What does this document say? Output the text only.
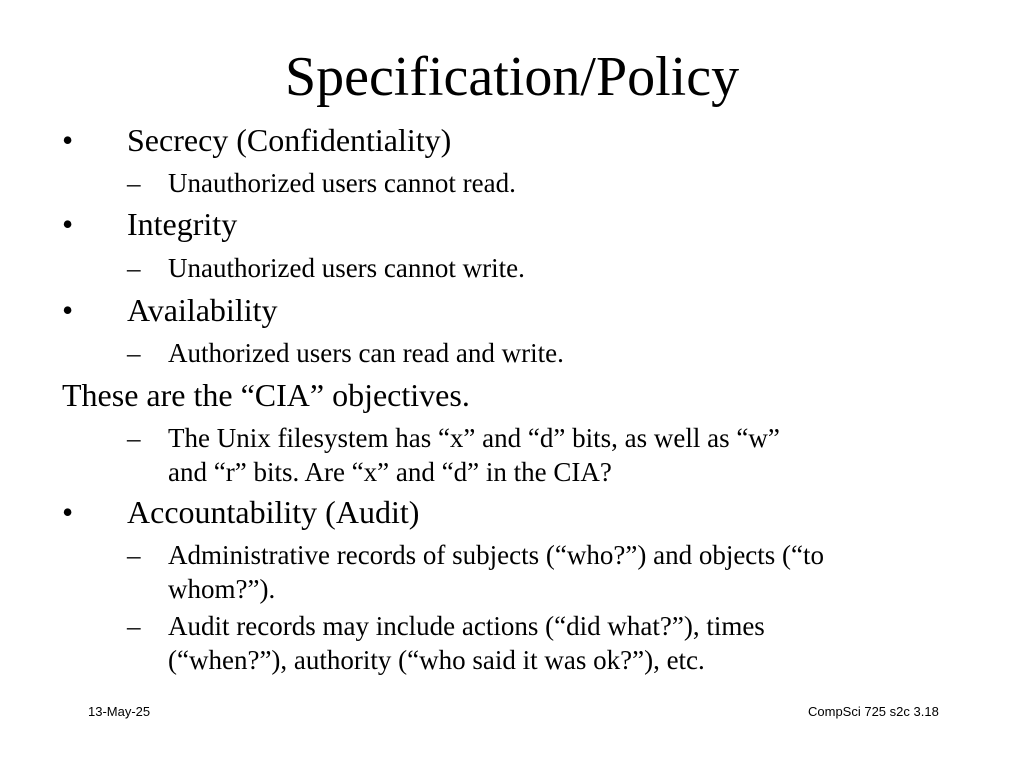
Specification/Policy
• Secrecy (Confidentiality)
– Unauthorized users cannot read.
• Integrity
– Unauthorized users cannot write.
• Availability
– Authorized users can read and write.
These are the “CIA” objectives.
– The Unix filesystem has “x” and “d” bits, as well as “w”
and “r” bits. Are “x” and “d” in the CIA?
• Accountability (Audit)
– Administrative records of subjects (“who?”) and objects (“to
whom?”).
– Audit records may include actions (“did what?”), times
(“when?”), authority (“who said it was ok?”), etc.
13-May-25	CompSci 725 s2c 3.18
